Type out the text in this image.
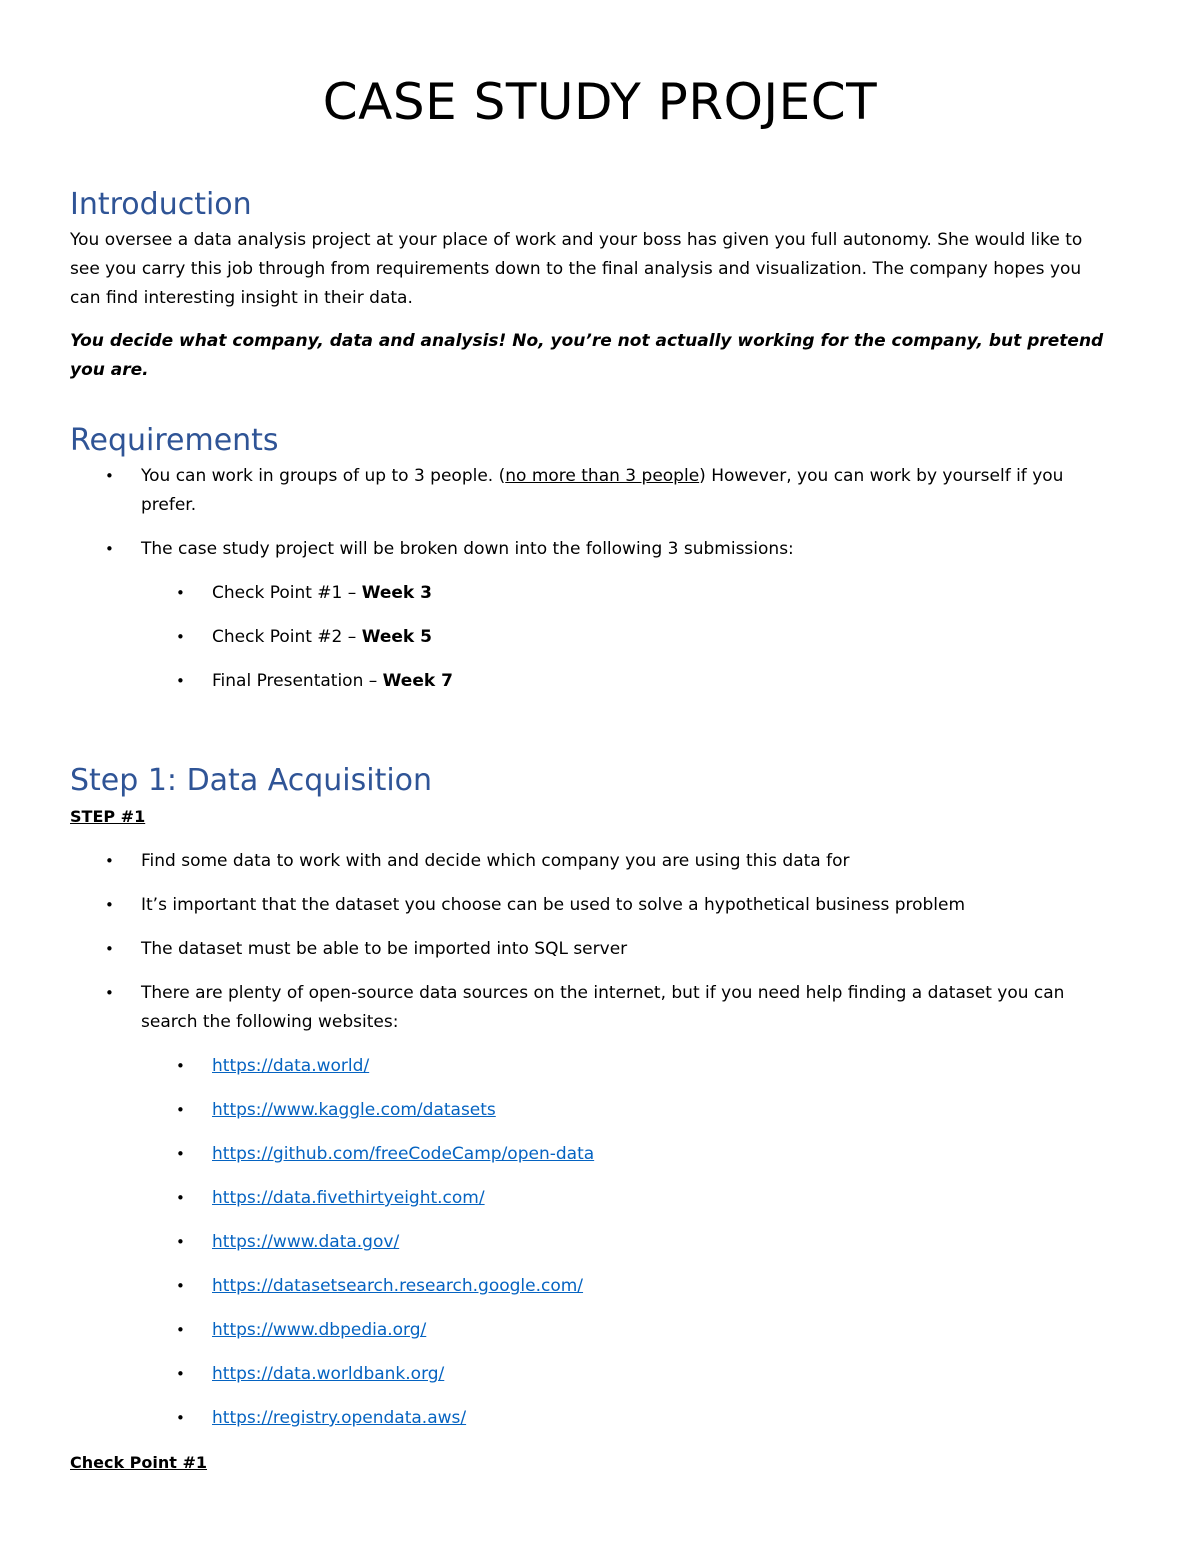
CASE STUDY PROJECT
Introduction

You oversee a data analysis project at your place of work and your boss has given you full autonomy. She would like to see you carry this job through from requirements down to the final analysis and visualization. The company hopes you can find interesting insight in their data.

You decide what company, data and analysis! No, you’re not actually working for the company, but pretend you are.

Requirements
• You can work in groups of up to 3 people. (no more than 3 people) However, you can work by yourself if you prefer.
• The case study project will be broken down into the following 3 submissions:
• Check Point #1 – Week 3
• Check Point #2 – Week 5
• Final Presentation – Week 7
Step 1: Data Acquisition

STEP #1

• Find some data to work with and decide which company you are using this data for
• It’s important that the dataset you choose can be used to solve a hypothetical business problem
• The dataset must be able to be imported into SQL server
• There are plenty of open-source data sources on the internet, but if you need help finding a dataset you can search the following websites:
• https://data.world/
• https://www.kaggle.com/datasets
• https://github.com/freeCodeCamp/open-data
• https://data.fivethirtyeight.com/
• https://www.data.gov/
• https://datasetsearch.research.google.com/
• https://www.dbpedia.org/
• https://data.worldbank.org/
• https://registry.opendata.aws/

Check Point #1
